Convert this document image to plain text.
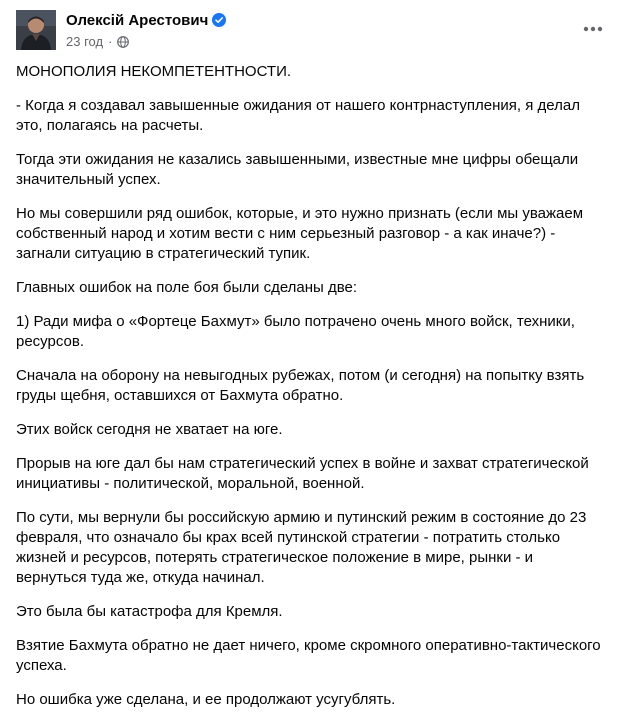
Олексій Арестович
23 год ·

МОНОПОЛИЯ НЕКОМПЕТЕНТНОСТИ.

- Когда я создавал завышенные ожидания от нашего контрнаступления, я делал это, полагаясь на расчеты.

Тогда эти ожидания не казались завышенными, известные мне цифры обещали значительный успех.

Но мы совершили ряд ошибок, которые, и это нужно признать (если мы уважаем собственный народ и хотим вести с ним серьезный разговор - а как иначе?) - загнали ситуацию в стратегический тупик.

Главных ошибок на поле боя были сделаны две:

1) Ради мифа о «Фортеце Бахмут» было потрачено очень много войск, техники, ресурсов.

Сначала на оборону на невыгодных рубежах, потом (и сегодня) на попытку взять груды щебня, оставшихся от Бахмута обратно.

Этих войск сегодня не хватает на юге.

Прорыв на юге дал бы нам стратегический успех в войне и захват стратегической инициативы - политической, моральной, военной.

По сути, мы вернули бы российскую армию и путинский режим в состояние до 23 февраля, что означало бы крах всей путинской стратегии - потратить столько жизней и ресурсов, потерять стратегическое положение в мире, рынки - и вернуться туда же, откуда начинал.

Это была бы катастрофа для Кремля.

Взятие Бахмута обратно не дает ничего, кроме скромного оперативно-тактического успеха.

Но ошибка уже сделана, и ее продолжают усугублять.
